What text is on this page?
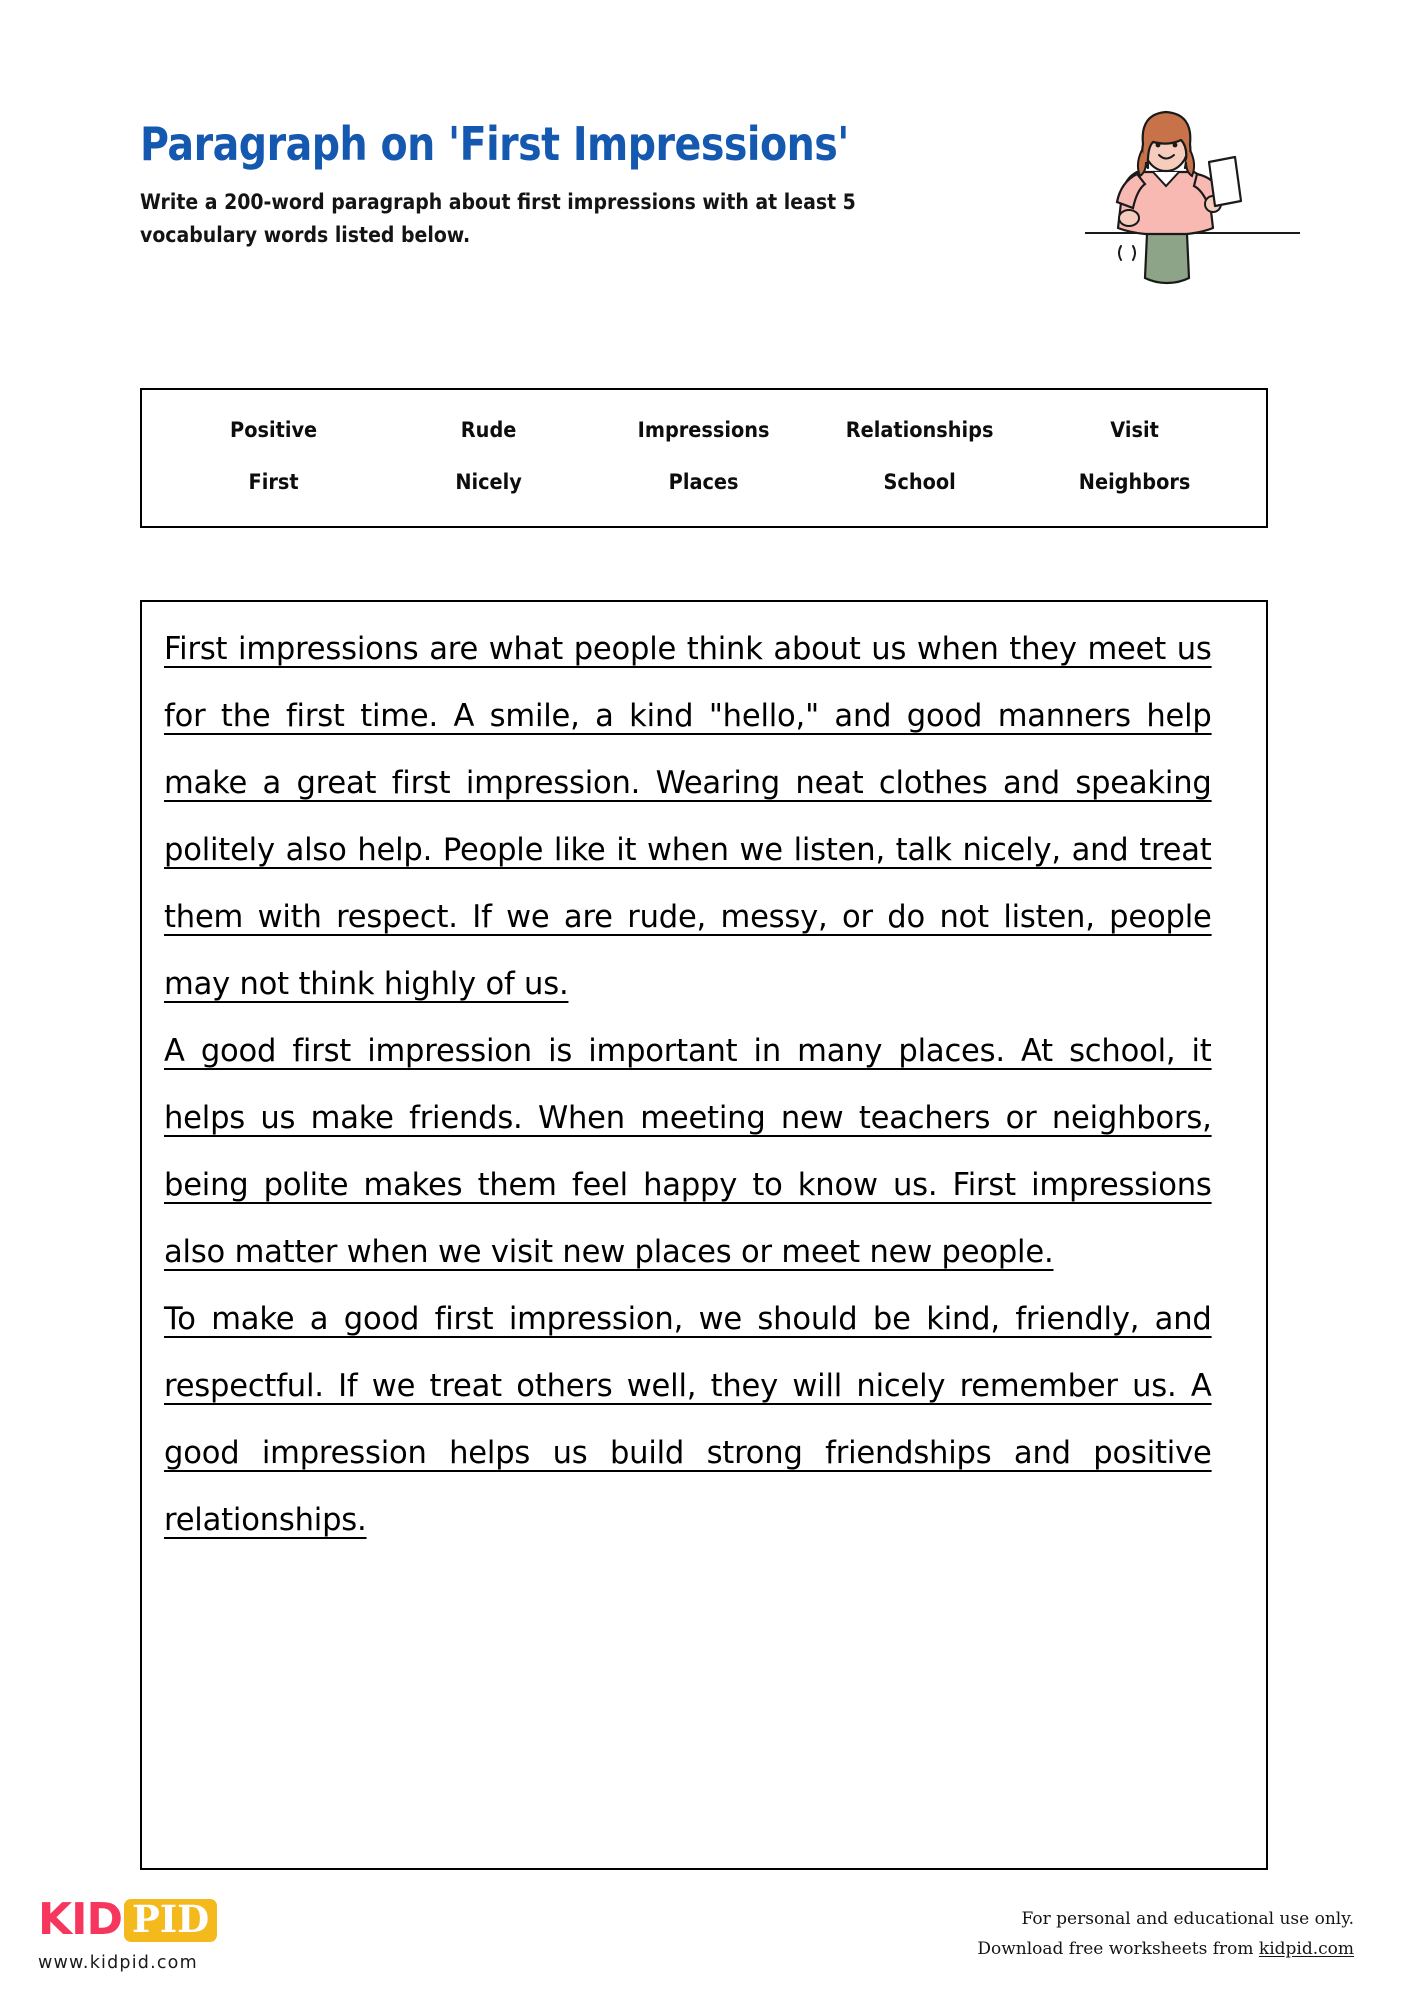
Paragraph on 'First Impressions'
Write a 200-word paragraph about first impressions with at least 5 vocabulary words listed below.
Positive	Rude	Impressions	Relationships	Visit
First	Nicely	Places	School	Neighbors
First impressions are what people think about us when they meet us for the first time. A smile, a kind "hello," and good manners help make a great first impression. Wearing neat clothes and speaking politely also help. People like it when we listen, talk nicely, and treat them with respect. If we are rude, messy, or do not listen, people may not think highly of us.
A good first impression is important in many places. At school, it helps us make friends. When meeting new teachers or neighbors, being polite makes them feel happy to know us. First impressions also matter when we visit new places or meet new people.
To make a good first impression, we should be kind, friendly, and respectful. If we treat others well, they will nicely remember us. A good impression helps us build strong friendships and positive relationships.
KID PID
www.kidpid.com
For personal and educational use only.
Download free worksheets from kidpid.com
